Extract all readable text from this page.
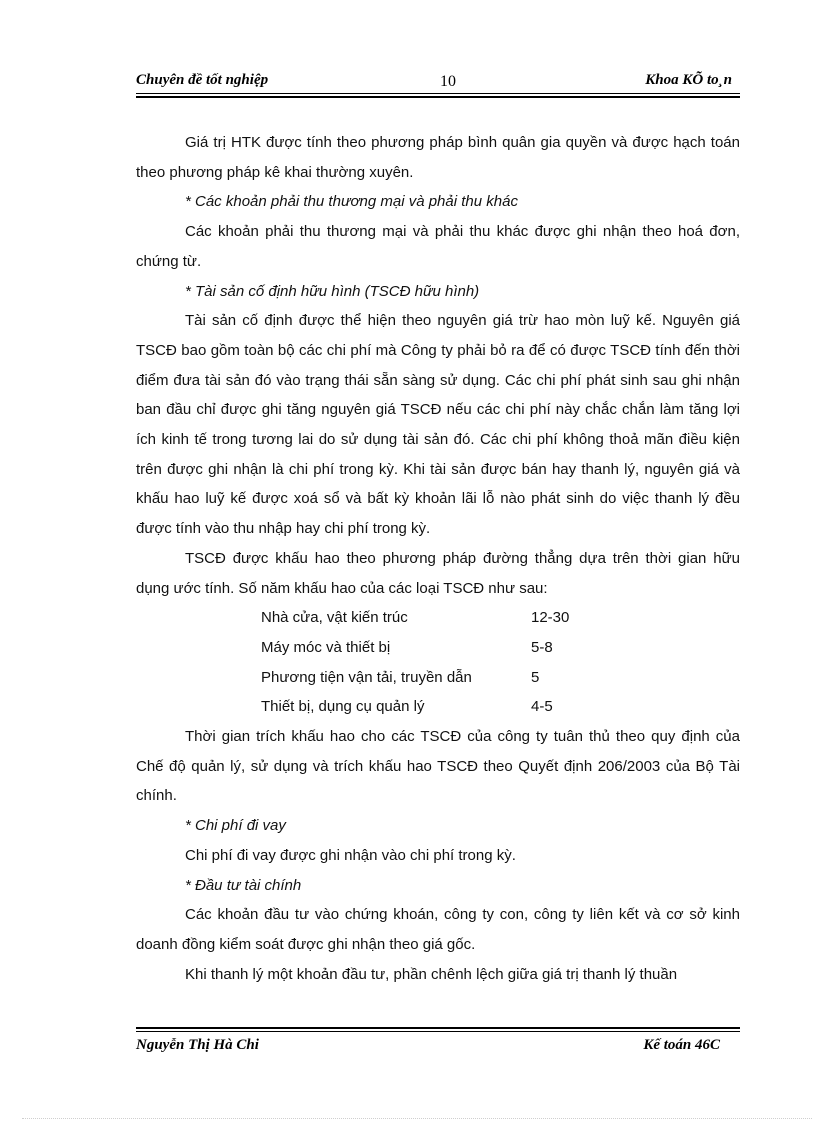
Chuyên đề tốt nghiệp	10	Khoa KÕ to¸n

Giá trị HTK được tính theo phương pháp bình quân gia quyền và được hạch toán theo phương pháp kê khai thường xuyên.

* Các khoản phải thu thương mại và phải thu khác

Các khoản phải thu thương mại và phải thu khác được ghi nhận theo hoá đơn, chứng từ.

* Tài sản cố định hữu hình (TSCĐ hữu hình)

Tài sản cố định được thể hiện theo nguyên giá trừ hao mòn luỹ kế. Nguyên giá TSCĐ bao gồm toàn bộ các chi phí mà Công ty phải bỏ ra để có được TSCĐ tính đến thời điểm đưa tài sản đó vào trạng thái sẵn sàng sử dụng. Các chi phí phát sinh sau ghi nhận ban đầu chỉ được ghi tăng nguyên giá TSCĐ nếu các chi phí này chắc chắn làm tăng lợi ích kinh tế trong tương lai do sử dụng tài sản đó. Các chi phí không thoả mãn điều kiện trên được ghi nhận là chi phí trong kỳ. Khi tài sản được bán hay thanh lý, nguyên giá và khấu hao luỹ kế được xoá sổ và bất kỳ khoản lãi lỗ nào phát sinh do việc thanh lý đều được tính vào thu nhập hay chi phí trong kỳ.

TSCĐ được khấu hao theo phương pháp đường thẳng dựa trên thời gian hữu dụng ước tính. Số năm khấu hao của các loại TSCĐ như sau:

Nhà cửa, vật kiến trúc	12-30
Máy móc và thiết bị	5-8
Phương tiện vận tải, truyền dẫn	5
Thiết bị, dụng cụ quản lý	4-5

Thời gian trích khấu hao cho các TSCĐ của công ty tuân thủ theo quy định của Chế độ quản lý, sử dụng và trích khấu hao TSCĐ theo Quyết định 206/2003 của Bộ Tài chính.

* Chi phí đi vay

Chi phí đi vay được ghi nhận vào chi phí trong kỳ.

* Đầu tư tài chính

Các khoản đầu tư vào chứng khoán, công ty con, công ty liên kết và cơ sở kinh doanh đồng kiểm soát được ghi nhận theo giá gốc.

Khi thanh lý một khoản đầu tư, phần chênh lệch giữa giá trị thanh lý thuần

Nguyễn Thị Hà Chi	Kế toán 46C
